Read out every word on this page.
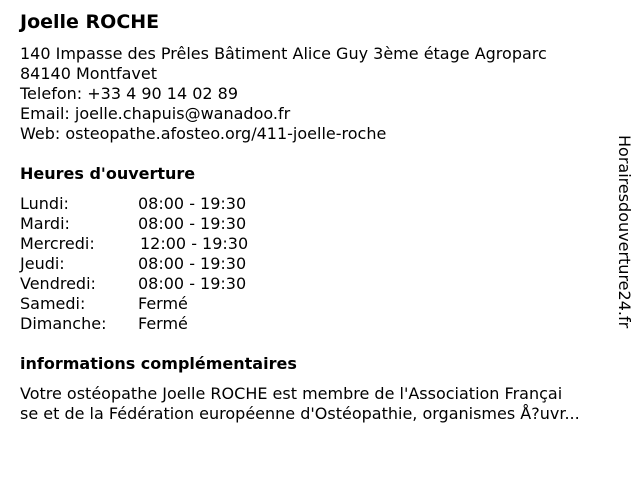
Joelle ROCHE
140 Impasse des Prêles Bâtiment Alice Guy 3ème étage Agroparc
84140 Montfavet
Telefon: +33 4 90 14 02 89
Email: joelle.chapuis@wanadoo.fr
Web: osteopathe.afosteo.org/411-joelle-roche
Heures d'ouverture
Lundi:	08:00 - 19:30
Mardi:	08:00 - 19:30
Mercredi:	12:00 - 19:30
Jeudi:	08:00 - 19:30
Vendredi:	08:00 - 19:30
Samedi:	Fermé
Dimanche:	Fermé
informations complémentaires
Votre ostéopathe Joelle ROCHE est membre de l'Association Françai
se et de la Fédération européenne d'Ostéopathie, organismes Å?uvr...
Horairesdouverture24.fr
